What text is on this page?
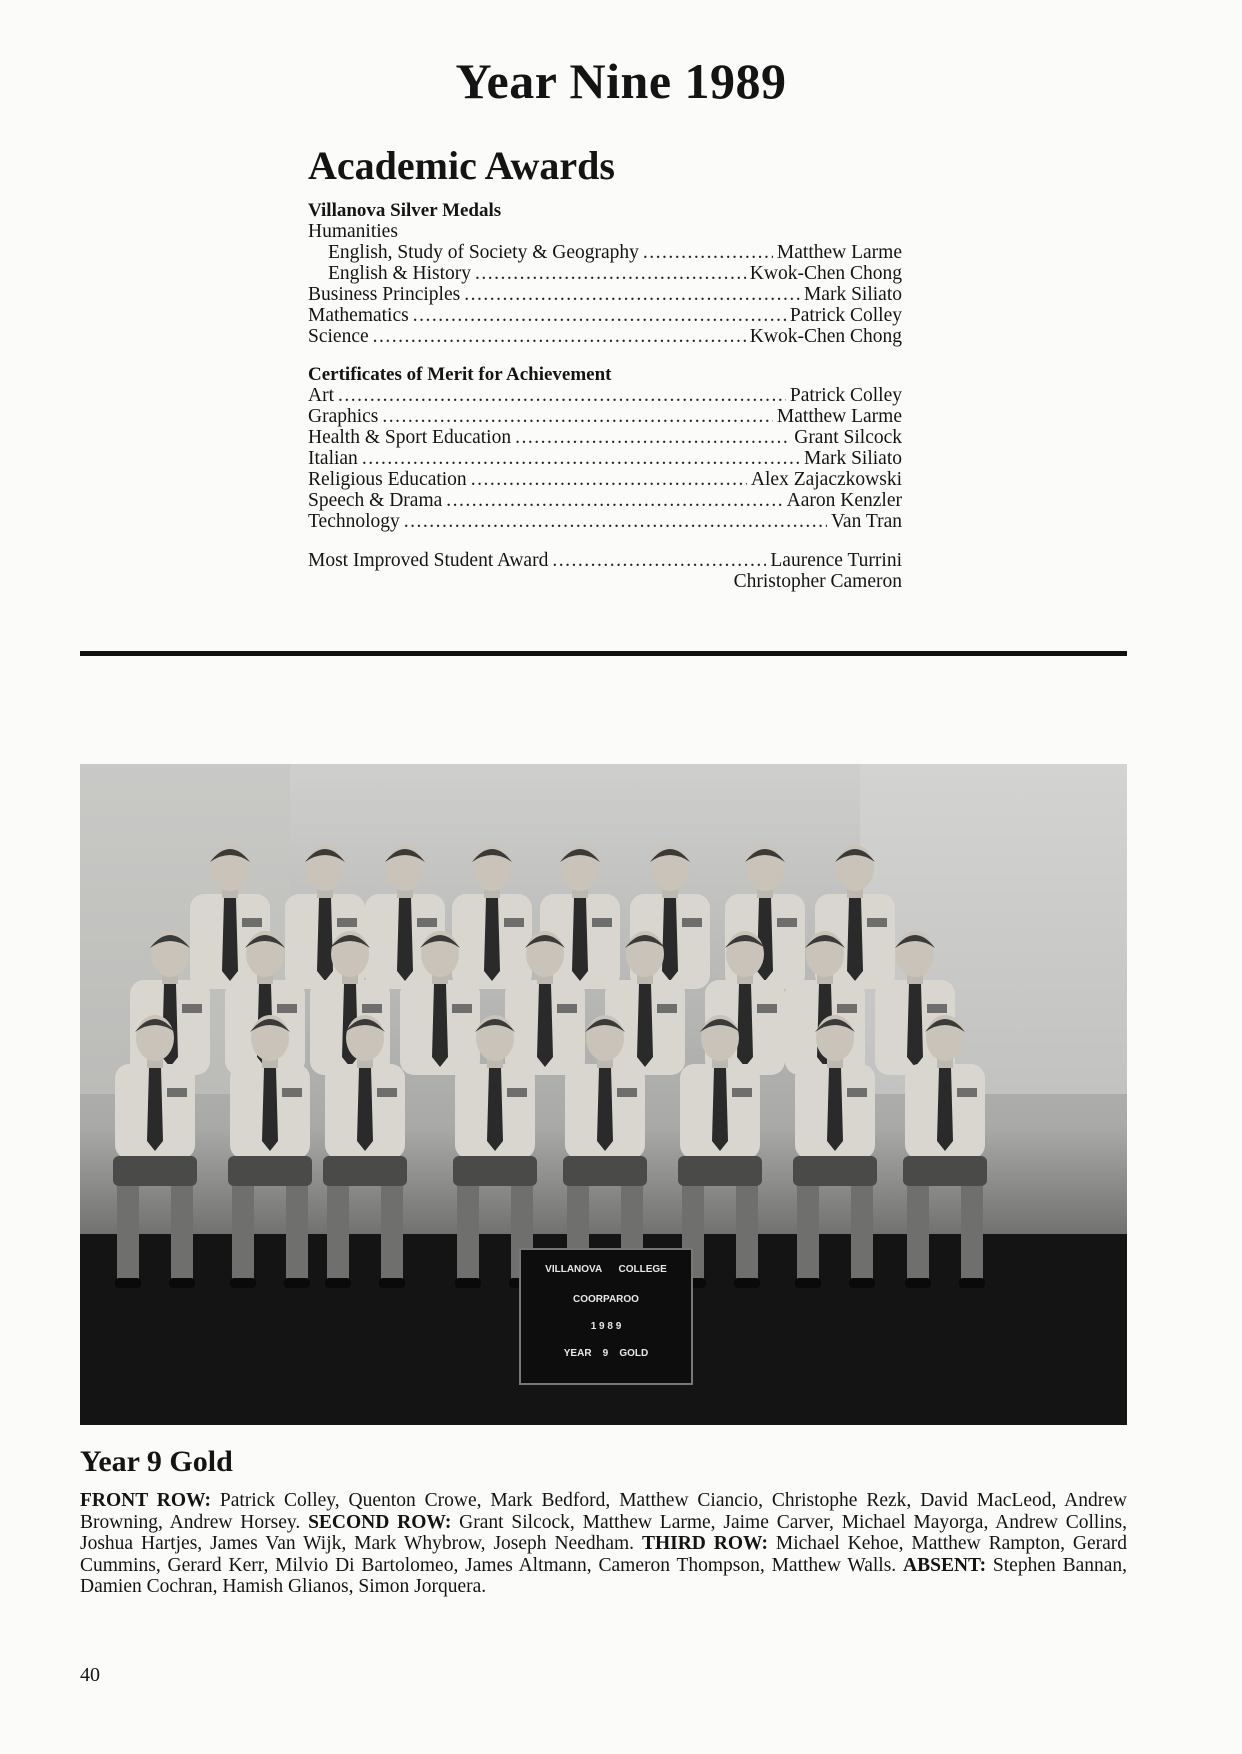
Year Nine 1989
Academic Awards
Villanova Silver Medals
Humanities
English, Study of Society & Geography .....	Matthew Larme
English & History .....	Kwok-Chen Chong
Business Principles .....	Mark Siliato
Mathematics .....	Patrick Colley
Science .....	Kwok-Chen Chong
Certificates of Merit for Achievement
Art .....	Patrick Colley
Graphics .....	Matthew Larme
Health & Sport Education .....	Grant Silcock
Italian .....	Mark Siliato
Religious Education .....	Alex Zajaczkowski
Speech & Drama .....	Aaron Kenzler
Technology .....	Van Tran
Most Improved Student Award .....	Laurence Turrini
Christopher Cameron
VILLANOVA      COLLEGE
COORPAROO
1 9 8 9
YEAR    9    GOLD
Year 9 Gold

FRONT ROW: Patrick Colley, Quenton Crowe, Mark Bedford, Matthew Ciancio, Christophe Rezk, David MacLeod, Andrew Browning, Andrew Horsey. SECOND ROW: Grant Silcock, Matthew Larme, Jaime Carver, Michael Mayorga, Andrew Collins, Joshua Hartjes, James Van Wijk, Mark Whybrow, Joseph Needham. THIRD ROW: Michael Kehoe, Matthew Rampton, Gerard Cummins, Gerard Kerr, Milvio Di Bartolomeo, James Altmann, Cameron Thompson, Matthew Walls. ABSENT: Stephen Bannan, Damien Cochran, Hamish Glianos, Simon Jorquera.

40
